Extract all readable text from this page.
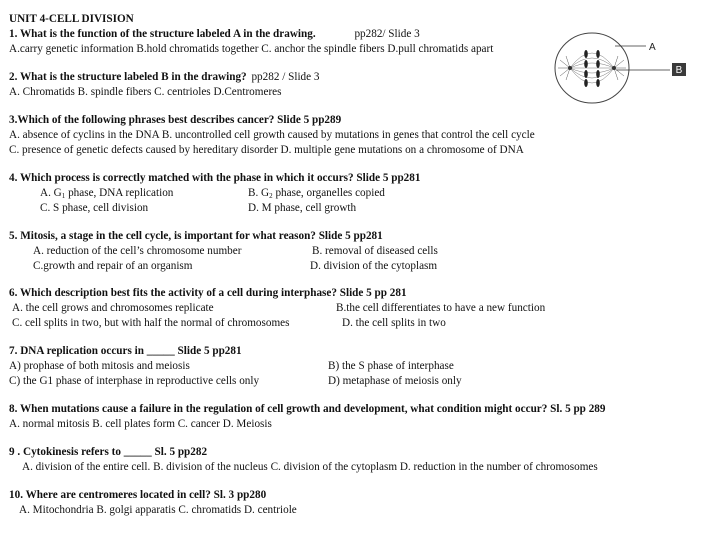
UNIT 4-CELL DIVISION
1. What is the function of the structure labeled A in the drawing.	pp282/ Slide 3
A.carry genetic information B.hold chromatids together C. anchor the spindle fibers D.pull chromatids apart
2. What is the structure labeled B in the drawing? pp282 / Slide 3
A. Chromatids B. spindle fibers C. centrioles D.Centromeres
3.Which of the following phrases best describes cancer? Slide 5 pp289
A. absence of cyclins in the DNA B. uncontrolled cell growth caused by mutations in genes that control the cell cycle
C. presence of genetic defects caused by hereditary disorder D. multiple gene mutations on a chromosome of DNA
4. Which process is correctly matched with the phase in which it occurs? Slide 5 pp281
A. $G_1$ phase, DNA replication	B. $G_2$ phase, organelles copied
C. S phase, cell division	D. M phase, cell growth
5. Mitosis, a stage in the cell cycle, is important for what reason? Slide 5 pp281
A. reduction of the cell’s chromosome number	B. removal of diseased cells
C.growth and repair of an organism	D. division of the cytoplasm
6. Which description best fits the activity of a cell during interphase? Slide 5 pp 281
A. the cell grows and chromosomes replicate	B.the cell differentiates to have a new function
C. cell splits in two, but with half the normal of chromosomes	D. the cell splits in two
7. DNA replication occurs in _____ Slide 5 pp281
A) prophase of both mitosis and meiosis	B) the S phase of interphase
C) the G1 phase of interphase in reproductive cells only	D) metaphase of meiosis only
8. When mutations cause a failure in the regulation of cell growth and development, what condition might occur? Sl. 5 pp 289
A. normal mitosis B. cell plates form C. cancer D. Meiosis
9 . Cytokinesis refers to _____ Sl. 5 pp282
A. division of the entire cell. B. division of the nucleus C. division of the cytoplasm D. reduction in the number of chromosomes
10. Where are centromeres located in cell? Sl. 3 pp280
A. Mitochondria B. golgi apparatis C. chromatids D. centriole
A
B
